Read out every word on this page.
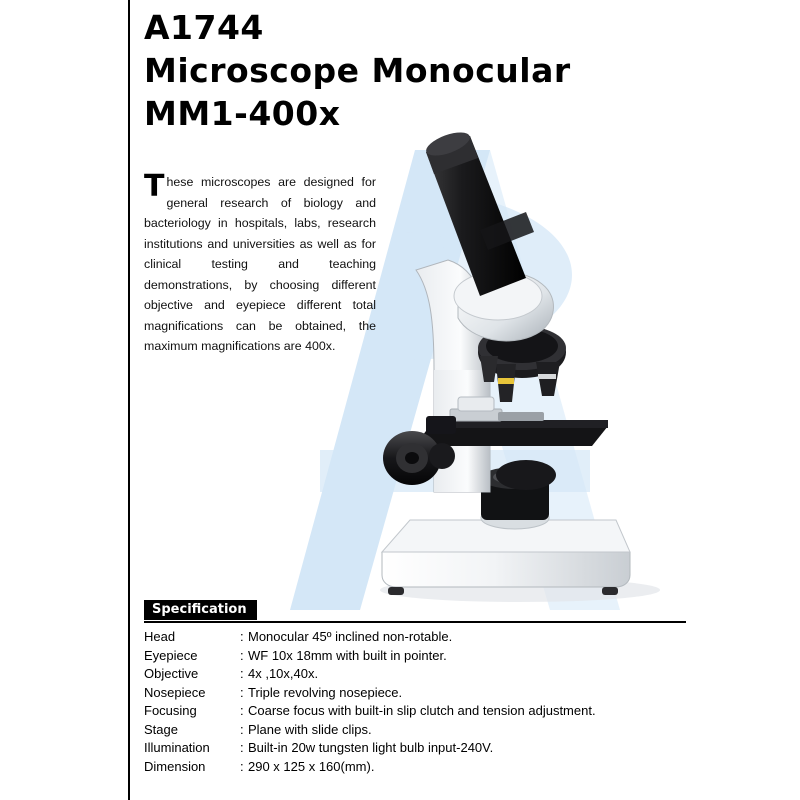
A1744
Microscope Monocular
MM1-400x

These microscopes are designed for general research of biology and bacteriology in hospitals, labs, research institutions and universities as well as for clinical testing and teaching demonstrations, by choosing different objective and eyepiece different total magnifications can be obtained, the maximum magnifications are 400x.

Specification
Head	:	Monocular 45º inclined non-rotable.
Eyepiece	:	WF 10x 18mm with built in pointer.
Objective	:	4x ,10x,40x.
Nosepiece	:	Triple revolving nosepiece.
Focusing	:	Coarse focus with built-in slip clutch and tension adjustment.
Stage	:	Plane with slide clips.
Illumination	:	Built-in 20w tungsten light bulb input-240V.
Dimension	:	290 x 125 x 160(mm).
